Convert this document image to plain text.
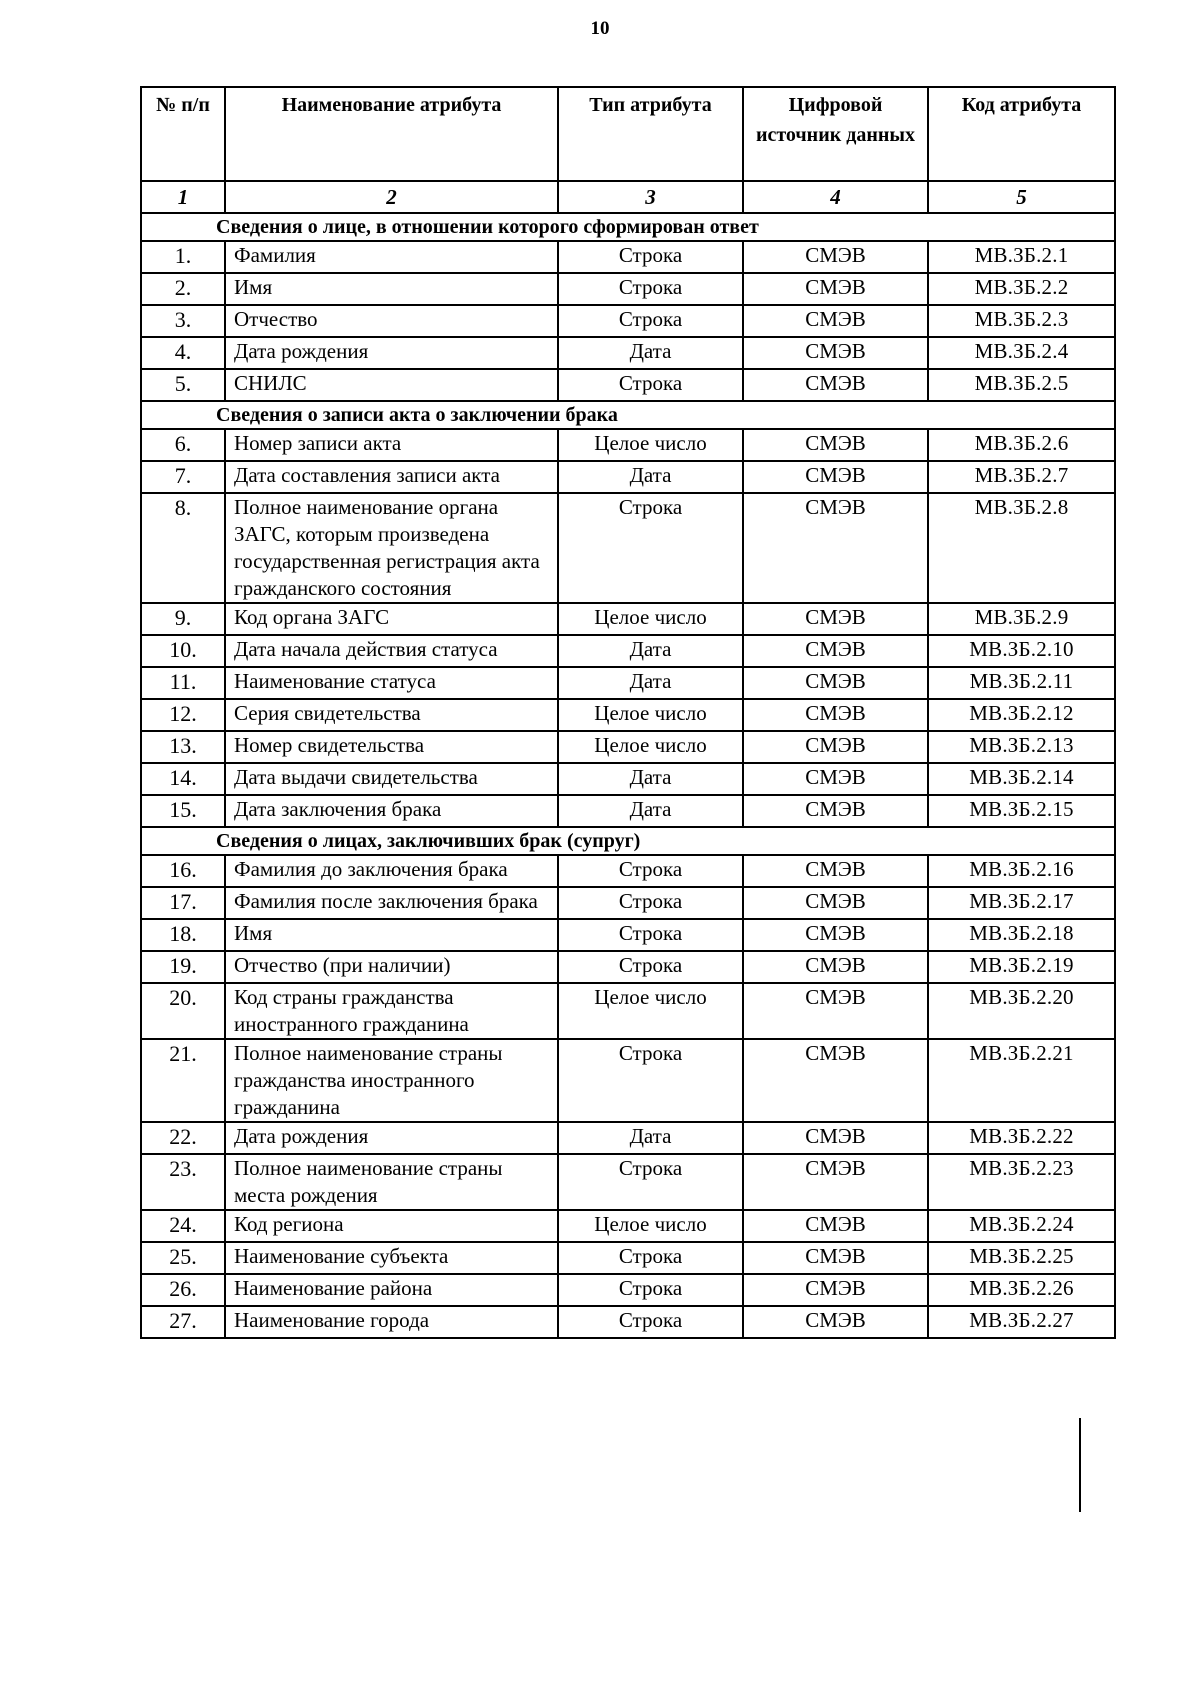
10
№ п/п	Наименование атрибута	Тип атрибута	Цифровой источник данных	Код атрибута
1	2	3	4	5
Сведения о лице, в отношении которого сформирован ответ				
1.	Фамилия	Строка	СМЭВ	МВ.ЗБ.2.1
2.	Имя	Строка	СМЭВ	МВ.ЗБ.2.2
3.	Отчество	Строка	СМЭВ	МВ.ЗБ.2.3
4.	Дата рождения	Дата	СМЭВ	МВ.ЗБ.2.4
5.	СНИЛС	Строка	СМЭВ	МВ.ЗБ.2.5
Сведения о записи акта о заключении брака				
6.	Номер записи акта	Целое число	СМЭВ	МВ.ЗБ.2.6
7.	Дата составления записи акта	Дата	СМЭВ	МВ.ЗБ.2.7
8.	Полное наименование органа ЗАГС, которым произведена государственная регистрация акта гражданского состояния	Строка	СМЭВ	МВ.ЗБ.2.8
9.	Код органа ЗАГС	Целое число	СМЭВ	МВ.ЗБ.2.9
10.	Дата начала действия статуса	Дата	СМЭВ	МВ.ЗБ.2.10
11.	Наименование статуса	Дата	СМЭВ	МВ.ЗБ.2.11
12.	Серия свидетельства	Целое число	СМЭВ	МВ.ЗБ.2.12
13.	Номер свидетельства	Целое число	СМЭВ	МВ.ЗБ.2.13
14.	Дата выдачи свидетельства	Дата	СМЭВ	МВ.ЗБ.2.14
15.	Дата заключения брака	Дата	СМЭВ	МВ.ЗБ.2.15
Сведения о лицах, заключивших брак (супруг)				
16.	Фамилия до заключения брака	Строка	СМЭВ	МВ.ЗБ.2.16
17.	Фамилия после заключения брака	Строка	СМЭВ	МВ.ЗБ.2.17
18.	Имя	Строка	СМЭВ	МВ.ЗБ.2.18
19.	Отчество (при наличии)	Строка	СМЭВ	МВ.ЗБ.2.19
20.	Код страны гражданства иностранного гражданина	Целое число	СМЭВ	МВ.ЗБ.2.20
21.	Полное наименование страны гражданства иностранного гражданина	Строка	СМЭВ	МВ.ЗБ.2.21
22.	Дата рождения	Дата	СМЭВ	МВ.ЗБ.2.22
23.	Полное наименование страны места рождения	Строка	СМЭВ	МВ.ЗБ.2.23
24.	Код региона	Целое число	СМЭВ	МВ.ЗБ.2.24
25.	Наименование субъекта	Строка	СМЭВ	МВ.ЗБ.2.25
26.	Наименование района	Строка	СМЭВ	МВ.ЗБ.2.26
27.	Наименование города	Строка	СМЭВ	МВ.ЗБ.2.27
